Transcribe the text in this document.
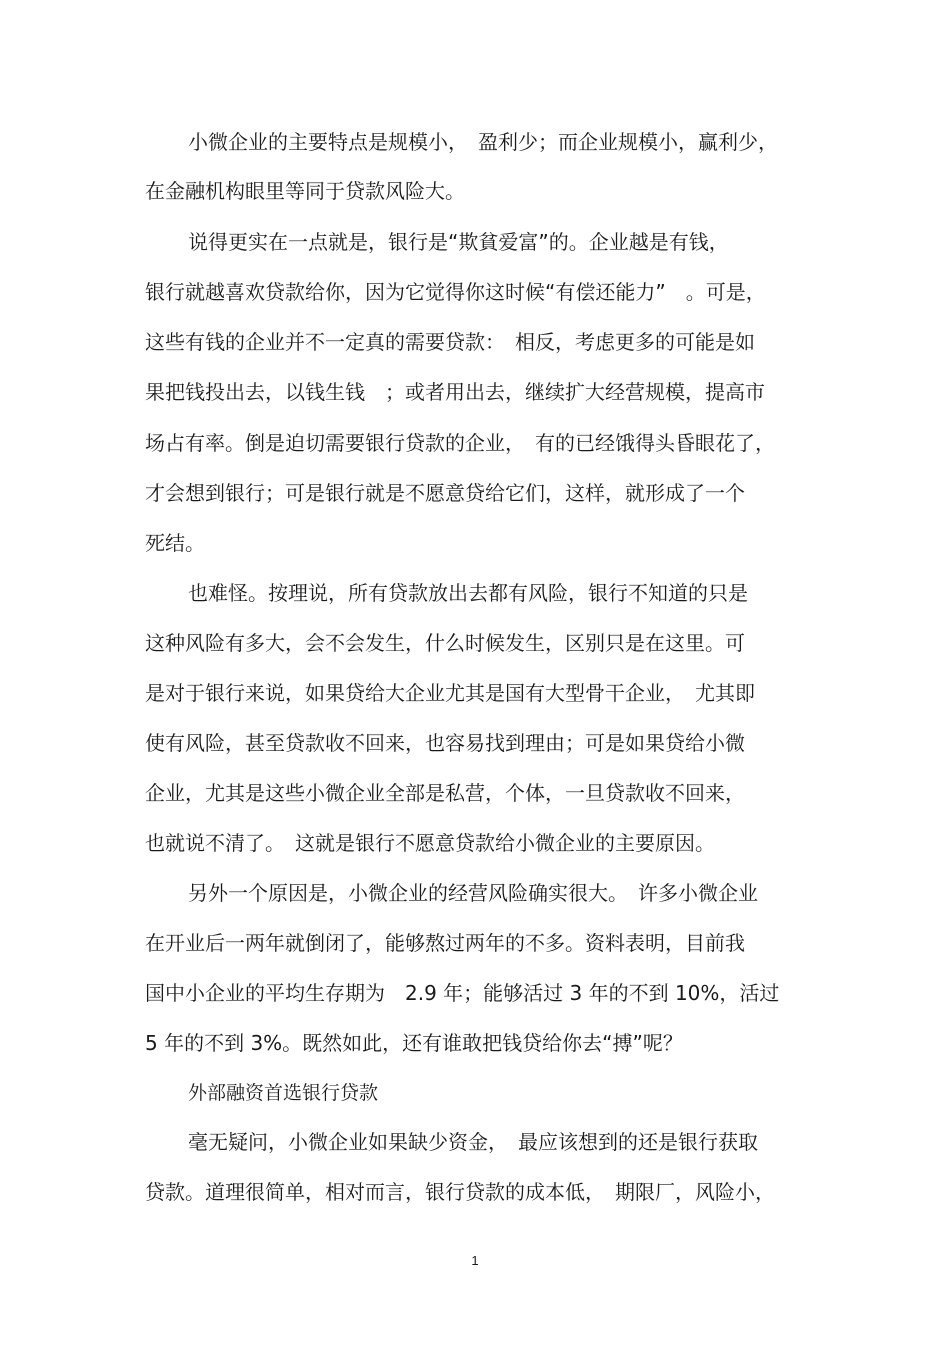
小微企业的主要特点是规模小，　盈利少；而企业规模小，赢利少，
在金融机构眼里等同于贷款风险大。
说得更实在一点就是，银行是“欺貧爱富”的。企业越是有钱，
银行就越喜欢贷款给你，因为它觉得你这时候“有偿还能力”　。可是，
这些有钱的企业并不一定真的需要贷款：　相反，考虑更多的可能是如
果把钱投出去，以钱生钱　；或者用出去，继续扩大经营规模，提高市
场占有率。倒是迫切需要银行贷款的企业，　有的已经饿得头昏眼花了，
才会想到银行；可是银行就是不愿意贷给它们，这样，就形成了一个
死结。
也难怪。按理说，所有贷款放出去都有风险，银行不知道的只是
这种风险有多大，会不会发生，什么时候发生，区别只是在这里。可
是对于银行来说，如果贷给大企业尤其是国有大型骨干企业，　尤其即
使有风险，甚至贷款收不回来，也容易找到理由；可是如果贷给小微
企业，尤其是这些小微企业全部是私营，个体，一旦贷款收不回来，
也就说不清了。　这就是银行不愿意贷款给小微企业的主要原因。
另外一个原因是，小微企业的经营风险确实很大。　许多小微企业
在开业后一两年就倒闭了，能够熬过两年的不多。资料表明，目前我
国中小企业的平均生存期为　2.9 年；能够活过 3 年的不到 10%，活过
5 年的不到 3%。既然如此，还有谁敢把钱贷给你去“搏”呢？
外部融资首选银行贷款
毫无疑问，小微企业如果缺少资金，　最应该想到的还是银行获取
贷款。道理很简单，相对而言，银行贷款的成本低，　期限厂，风险小，
1
